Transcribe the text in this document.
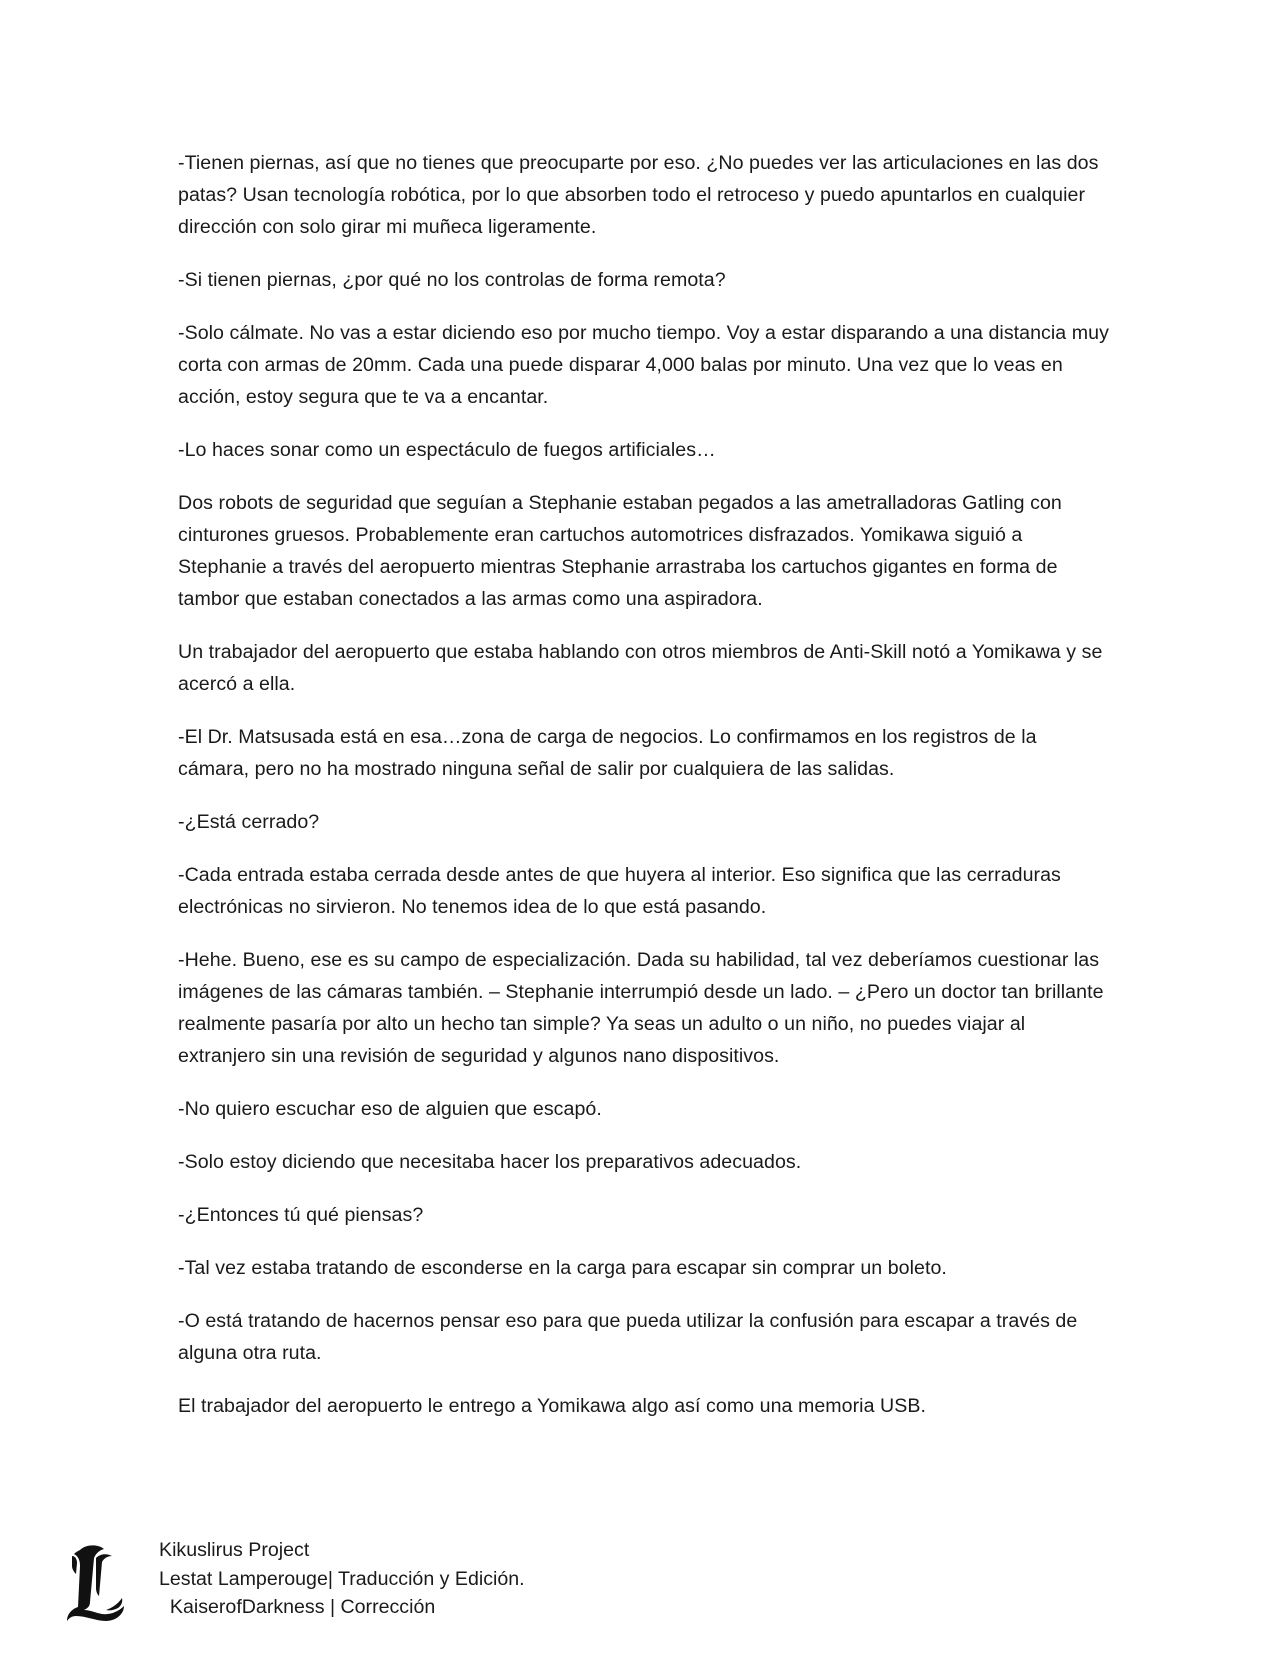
-Tienen piernas, así que no tienes que preocuparte por eso. ¿No puedes ver las articulaciones en las dos patas? Usan tecnología robótica, por lo que absorben todo el retroceso y puedo apuntarlos en cualquier dirección con solo girar mi muñeca ligeramente.

-Si tienen piernas, ¿por qué no los controlas de forma remota?

-Solo cálmate. No vas a estar diciendo eso por mucho tiempo. Voy a estar disparando a una distancia muy corta con armas de 20mm. Cada una puede disparar 4,000 balas por minuto. Una vez que lo veas en acción, estoy segura que te va a encantar.

-Lo haces sonar como un espectáculo de fuegos artificiales…

Dos robots de seguridad que seguían a Stephanie estaban pegados a las ametralladoras Gatling con cinturones gruesos. Probablemente eran cartuchos automotrices disfrazados. Yomikawa siguió a Stephanie a través del aeropuerto mientras Stephanie arrastraba los cartuchos gigantes en forma de tambor que estaban conectados a las armas como una aspiradora.

Un trabajador del aeropuerto que estaba hablando con otros miembros de Anti-Skill notó a Yomikawa y se acercó a ella.

-El Dr. Matsusada está en esa…zona de carga de negocios. Lo confirmamos en los registros de la cámara, pero no ha mostrado ninguna señal de salir por cualquiera de las salidas.

-¿Está cerrado?

-Cada entrada estaba cerrada desde antes de que huyera al interior. Eso significa que las cerraduras electrónicas no sirvieron. No tenemos idea de lo que está pasando.

-Hehe. Bueno, ese es su campo de especialización. Dada su habilidad, tal vez deberíamos cuestionar las imágenes de las cámaras también. – Stephanie interrumpió desde un lado. – ¿Pero un doctor tan brillante realmente pasaría por alto un hecho tan simple? Ya seas un adulto o un niño, no puedes viajar al extranjero sin una revisión de seguridad y algunos nano dispositivos.

-No quiero escuchar eso de alguien que escapó.

-Solo estoy diciendo que necesitaba hacer los preparativos adecuados.

-¿Entonces tú qué piensas?

-Tal vez estaba tratando de esconderse en la carga para escapar sin comprar un boleto.

-O está tratando de hacernos pensar eso para que pueda utilizar la confusión para escapar a través de alguna otra ruta.

El trabajador del aeropuerto le entrego a Yomikawa algo así como una memoria USB.

Kikuslirus Project

Lestat Lamperouge| Traducción y Edición.

KaiserofDarkness | Corrección
